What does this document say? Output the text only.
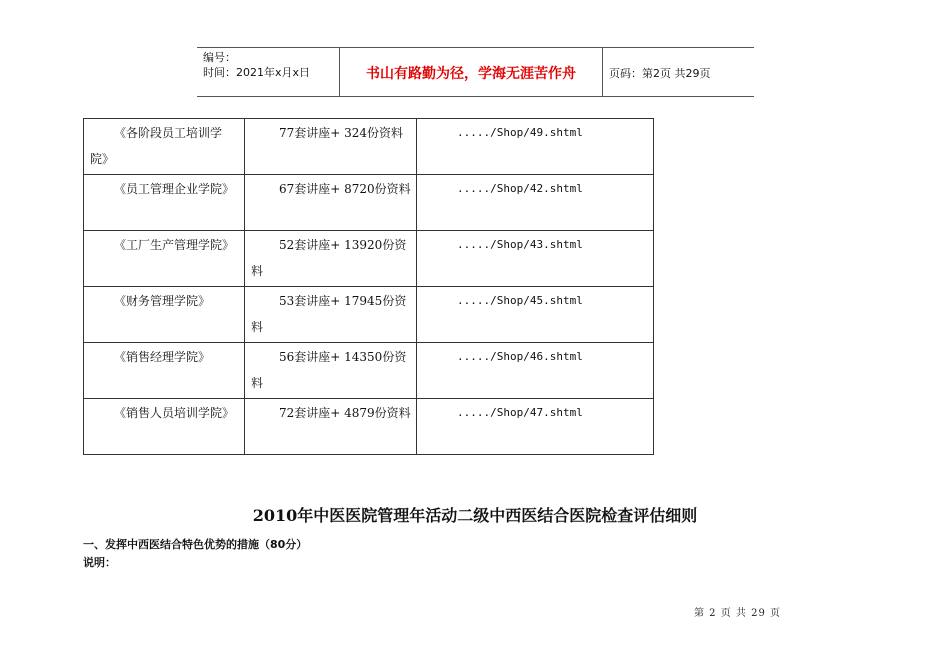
编号：
时间：2021年x月x日	书山有路勤为径，学海无涯苦作舟	页码：第2页 共29页
《各阶段员工培训学院》	77套讲座+ 324份资料	...../Shop/49.shtml

《员工管理企业学院》	67套讲座+ 8720份资料	...../Shop/42.shtml

《工厂生产管理学院》	52套讲座+ 13920份资料	...../Shop/43.shtml

《财务管理学院》	53套讲座+ 17945份资料	...../Shop/45.shtml

《销售经理学院》	56套讲座+ 14350份资料	...../Shop/46.shtml

《销售人员培训学院》	72套讲座+ 4879份资料	...../Shop/47.shtml
2010年中医医院管理年活动二级中西医结合医院检查评估细则
一、发挥中西医结合特色优势的措施（80分）
说明：
第 2 页 共 29 页
